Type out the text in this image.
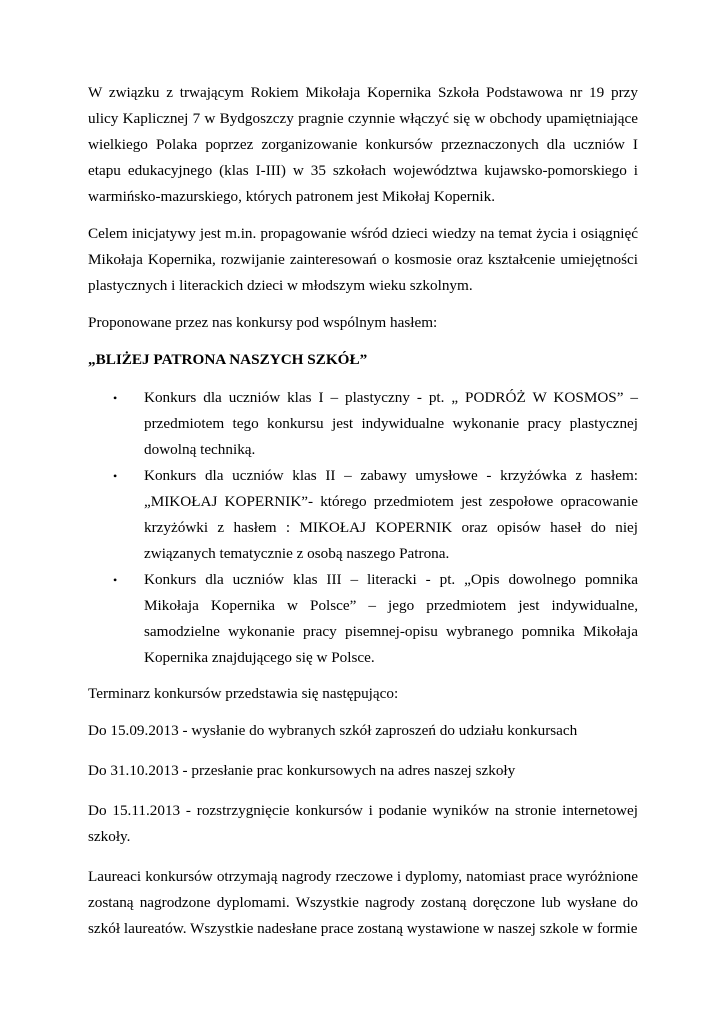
W związku z trwającym Rokiem Mikołaja Kopernika Szkoła Podstawowa nr 19 przy ulicy Kaplicznej 7 w Bydgoszczy pragnie czynnie włączyć się w obchody upamiętniające wielkiego Polaka poprzez zorganizowanie konkursów przeznaczonych dla uczniów I etapu edukacyjnego (klas I-III) w 35 szkołach województwa kujawsko-pomorskiego i warmińsko-mazurskiego, których patronem jest Mikołaj Kopernik.

Celem inicjatywy jest m.in. propagowanie wśród dzieci wiedzy na temat życia i osiągnięć Mikołaja Kopernika, rozwijanie zainteresowań o kosmosie oraz kształcenie umiejętności plastycznych i literackich dzieci w młodszym wieku szkolnym.

Proponowane przez nas konkursy pod wspólnym hasłem:

„BLIŻEJ PATRONA NASZYCH SZKÓŁ”
• Konkurs dla uczniów klas I – plastyczny - pt. „ PODRÓŻ W KOSMOS” – przedmiotem tego konkursu jest indywidualne wykonanie pracy plastycznej dowolną techniką.
• Konkurs dla uczniów klas II – zabawy umysłowe - krzyżówka z hasłem: „MIKOŁAJ KOPERNIK”- którego przedmiotem jest zespołowe opracowanie krzyżówki z hasłem : MIKOŁAJ KOPERNIK oraz opisów haseł do niej związanych tematycznie z osobą naszego Patrona.
• Konkurs dla uczniów klas III – literacki - pt. „Opis dowolnego pomnika Mikołaja Kopernika w Polsce” – jego przedmiotem jest indywidualne, samodzielne wykonanie pracy pisemnej-opisu wybranego pomnika Mikołaja Kopernika znajdującego się w Polsce.

Terminarz konkursów przedstawia się następująco:

Do 15.09.2013 - wysłanie do wybranych szkół zaproszeń do udziału konkursach

Do 31.10.2013 - przesłanie prac konkursowych na adres naszej szkoły

Do 15.11.2013 - rozstrzygnięcie konkursów i podanie wyników na stronie internetowej szkoły.

Laureaci konkursów otrzymają nagrody rzeczowe i dyplomy, natomiast prace wyróżnione zostaną nagrodzone dyplomami. Wszystkie nagrody zostaną doręczone lub wysłane do szkół laureatów. Wszystkie nadesłane prace zostaną wystawione w naszej szkole w formie
